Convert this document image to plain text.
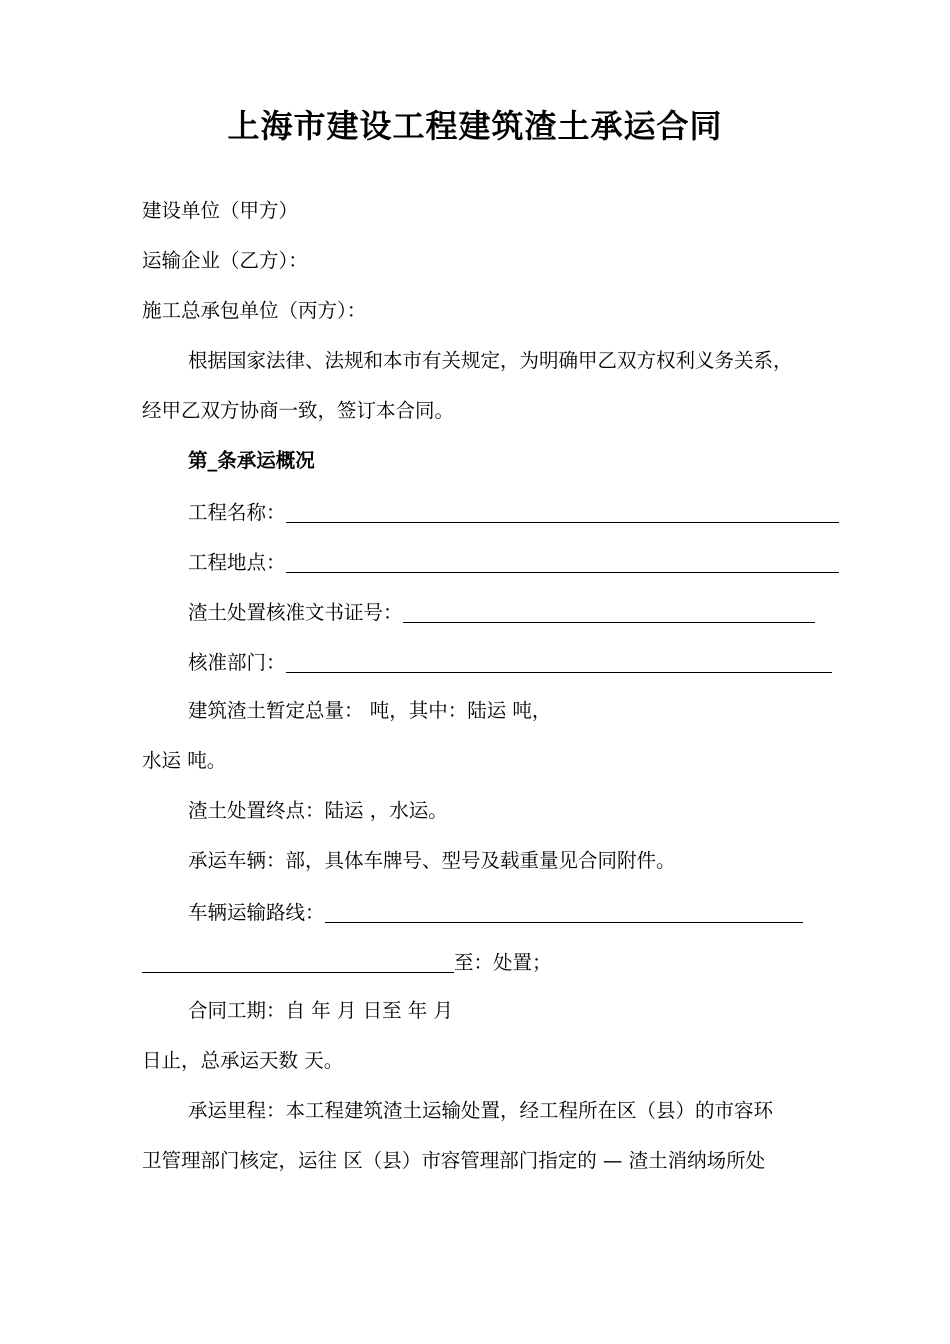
上海市建设工程建筑渣土承运合同
建设单位（甲方）
运输企业（乙方）：
施工总承包单位（丙方）：
根据国家法律、法规和本市有关规定，为明确甲乙双方权利义务关系，
经甲乙双方协商一致，签订本合同。
第_条承运概况
工程名称：
工程地点：
渣土处置核准文书证号：
核准部门：
建筑渣土暂定总量： 吨，其中：陆运 吨，
水运 吨。
渣土处置终点：陆运 ，水运。
承运车辆：部，具体车牌号、型号及载重量见合同附件。
车辆运输路线：
至：处置；
合同工期：自 年 月 日至 年 月
日止，总承运天数 天。
承运里程：本工程建筑渣土运输处置，经工程所在区（县）的市容环
卫管理部门核定，运往 区（县）市容管理部门指定的 — 渣土消纳场所处
